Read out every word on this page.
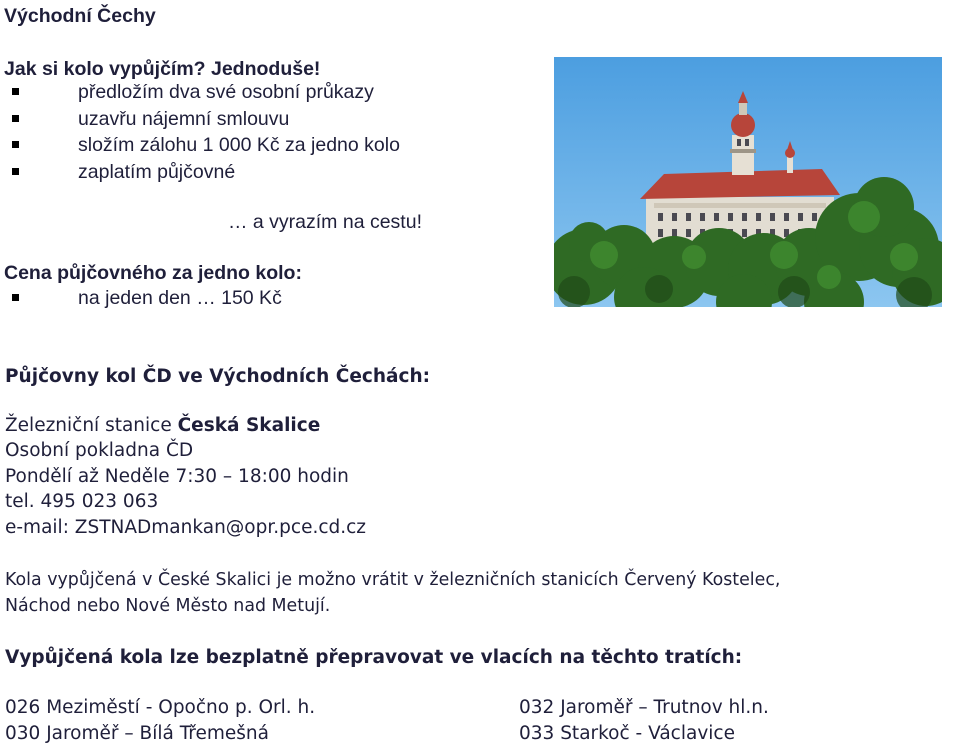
Východní Čechy
Jak si kolo vypůjčím? Jednoduše!
předložím dva své osobní průkazy
uzavřu nájemní smlouvu
složím zálohu 1 000 Kč za jedno kolo
zaplatím půjčovné
… a vyrazím na cestu!
Cena půjčovného za jedno kolo:
na jeden den … 150 Kč
Půjčovny kol ČD ve Východních Čechách:
Železniční stanice Česká Skalice
Osobní pokladna ČD
Pondělí až Neděle 7:30 – 18:00 hodin
tel. 495 023 063
e-mail: ZSTNADmankan@opr.pce.cd.cz
Kola vypůjčená v České Skalici je možno vrátit v železničních stanicích Červený Kostelec,
Náchod nebo Nové Město nad Metují.
Vypůjčená kola lze bezplatně přepravovat ve vlacích na těchto tratích:
026 Meziměstí - Opočno p. Orl. h.
030 Jaroměř – Bílá Třemešná
032 Jaroměř – Trutnov hl.n.
033 Starkoč - Václavice
